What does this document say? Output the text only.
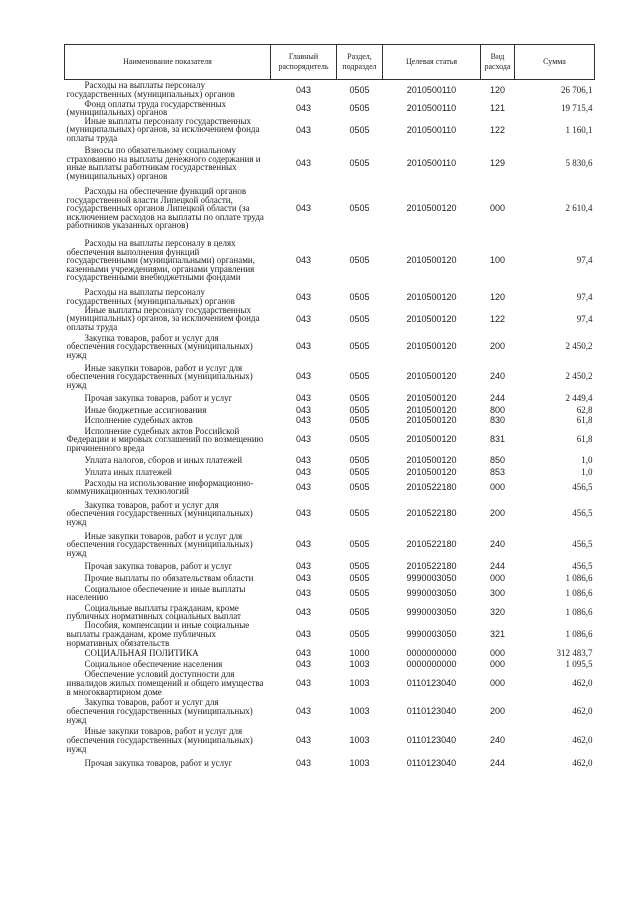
Наименование показателя	Главный распорядитель	Раздел, подраздел	Целевая статья	Вид расхода	Сумма
Расходы на выплаты персоналу государственных (муниципальных) органов	043	0505	2010500110	120	26 706,1
Фонд оплаты труда государственных (муниципальных) органов	043	0505	2010500110	121	19 715,4
Иные выплаты персоналу государственных (муниципальных) органов, за исключением фонда оплаты труда	043	0505	2010500110	122	1 160,1
Взносы по обязательному социальному страхованию на выплаты денежного содержания и иные выплаты работникам государственных (муниципальных) органов	043	0505	2010500110	129	5 830,6
Расходы на обеспечение функций органов государственной власти Липецкой области, государственных органов Липецкой области (за исключением расходов на выплаты по оплате труда работников указанных органов)	043	0505	2010500120	000	2 610,4
Расходы на выплаты персоналу в целях обеспечения выполнения функций государственными (муниципальными) органами, казенными учреждениями, органами управления государственными внебюджетными фондами	043	0505	2010500120	100	97,4
Расходы на выплаты персоналу государственных (муниципальных) органов	043	0505	2010500120	120	97,4
Иные выплаты персоналу государственных (муниципальных) органов, за исключением фонда оплаты труда	043	0505	2010500120	122	97,4
Закупка товаров, работ и услуг для обеспечения государственных (муниципальных) нужд	043	0505	2010500120	200	2 450,2
Иные закупки товаров, работ и услуг для обеспечения государственных (муниципальных) нужд	043	0505	2010500120	240	2 450,2
Прочая закупка товаров, работ и услуг	043	0505	2010500120	244	2 449,4
Иные бюджетные ассигнования	043	0505	2010500120	800	62,8
Исполнение судебных актов	043	0505	2010500120	830	61,8
Исполнение судебных актов Российской Федерации и мировых соглашений по возмещению причиненного вреда	043	0505	2010500120	831	61,8
Уплата налогов, сборов и иных платежей	043	0505	2010500120	850	1,0
Уплата иных платежей	043	0505	2010500120	853	1,0
Расходы на использование информационно-коммуникационных технологий	043	0505	2010522180	000	456,5
Закупка товаров, работ и услуг для обеспечения государственных (муниципальных) нужд	043	0505	2010522180	200	456,5
Иные закупки товаров, работ и услуг для обеспечения государственных (муниципальных) нужд	043	0505	2010522180	240	456,5
Прочая закупка товаров, работ и услуг	043	0505	2010522180	244	456,5
Прочие выплаты по обязательствам области	043	0505	9990003050	000	1 086,6
Социальное обеспечение и иные выплаты населению	043	0505	9990003050	300	1 086,6
Социальные выплаты гражданам, кроме публичных нормативных социальных выплат	043	0505	9990003050	320	1 086,6
Пособия, компенсации и иные социальные выплаты гражданам, кроме публичных нормативных обязательств	043	0505	9990003050	321	1 086,6
СОЦИАЛЬНАЯ ПОЛИТИКА	043	1000	0000000000	000	312 483,7
Социальное обеспечение населения	043	1003	0000000000	000	1 095,5
Обеспечение условий доступности для инвалидов жилых помещений и общего имущества в многоквартирном доме	043	1003	0110123040	000	462,0
Закупка товаров, работ и услуг для обеспечения государственных (муниципальных) нужд	043	1003	0110123040	200	462,0
Иные закупки товаров, работ и услуг для обеспечения государственных (муниципальных) нужд	043	1003	0110123040	240	462,0
Прочая закупка товаров, работ и услуг	043	1003	0110123040	244	462,0
